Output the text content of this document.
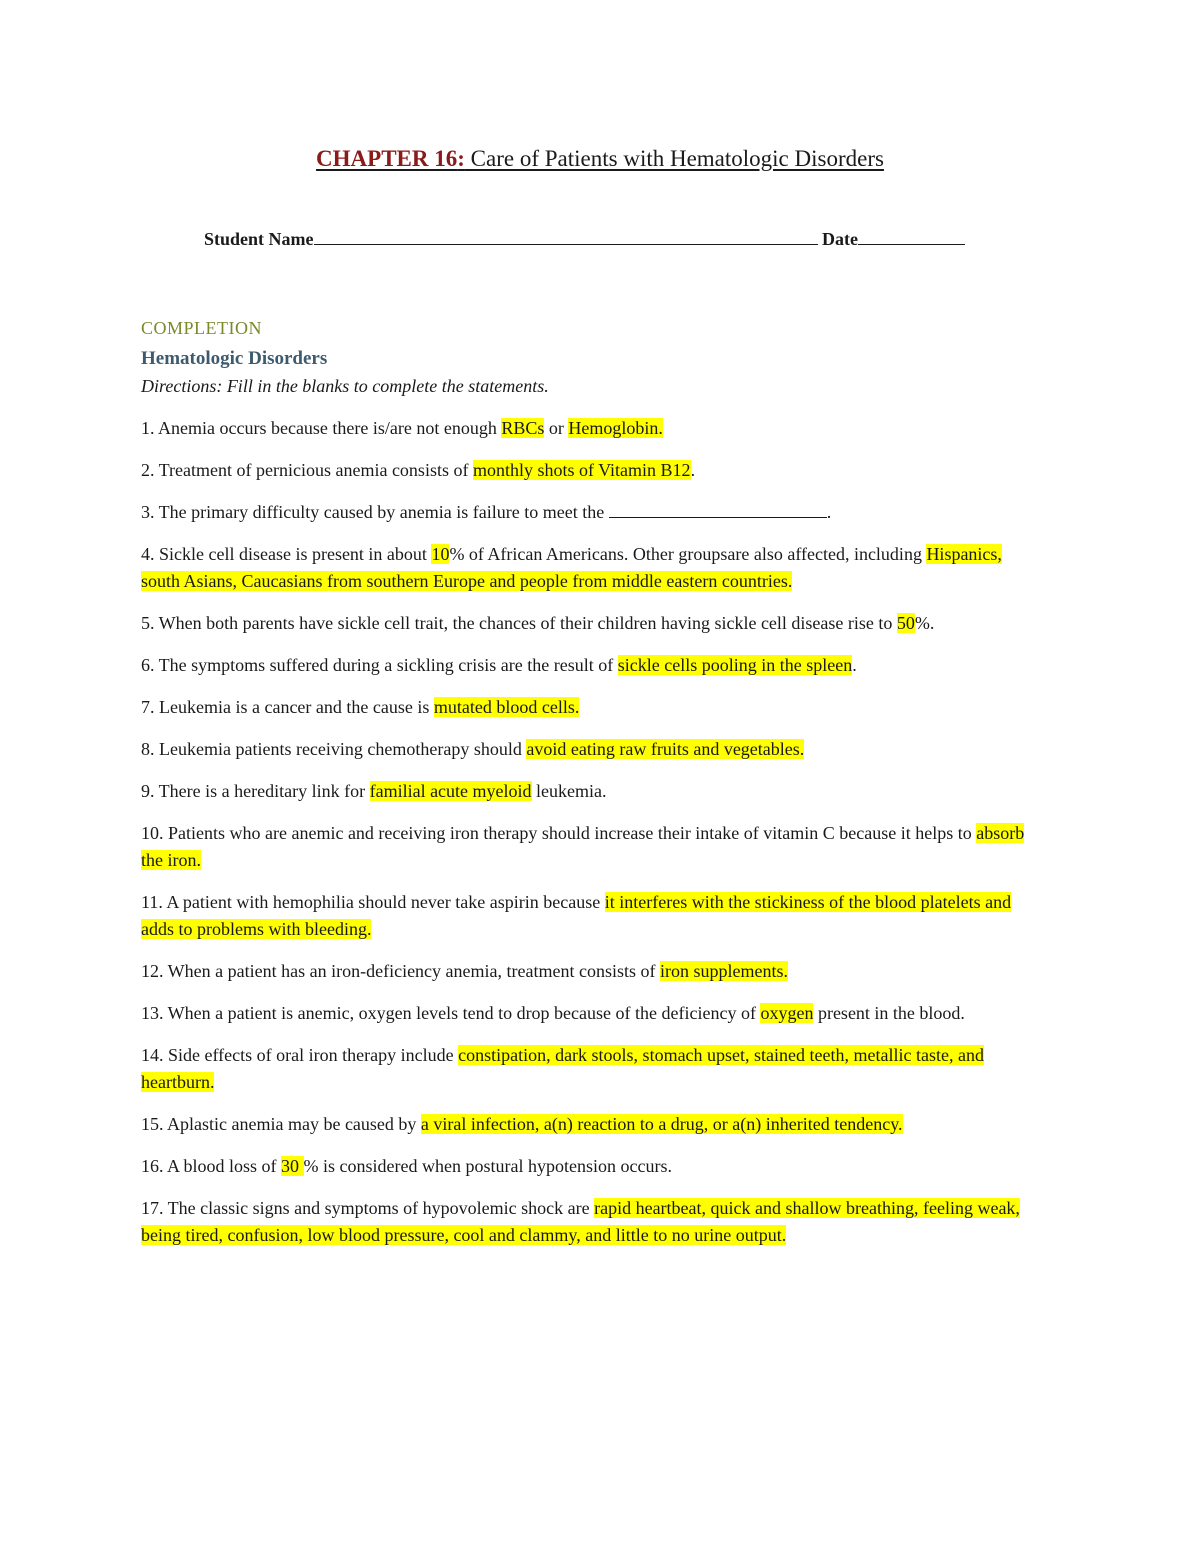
CHAPTER 16: Care of Patients with Hematologic Disorders
Student Name	Date
COMPLETION
Hematologic Disorders
Directions: Fill in the blanks to complete the statements.

1. Anemia occurs because there is/are not enough RBCs or Hemoglobin.

2. Treatment of pernicious anemia consists of monthly shots of Vitamin B12.

3. The primary difficulty caused by anemia is failure to meet the	.

4. Sickle cell disease is present in about 10% of African Americans. Other groupsare also affected, including Hispanics, south Asians, Caucasians from southern Europe and people from middle eastern countries.

5. When both parents have sickle cell trait, the chances of their children having sickle cell disease rise to 50%.

6. The symptoms suffered during a sickling crisis are the result of sickle cells pooling in the spleen.

7. Leukemia is a cancer and the cause is mutated blood cells.

8. Leukemia patients receiving chemotherapy should avoid eating raw fruits and vegetables.

9. There is a hereditary link for familial acute myeloid leukemia.

10. Patients who are anemic and receiving iron therapy should increase their intake of vitamin C because it helps to absorb the iron.

11. A patient with hemophilia should never take aspirin because it interferes with the stickiness of the blood platelets and adds to problems with bleeding.

12. When a patient has an iron-deficiency anemia, treatment consists of iron supplements.

13. When a patient is anemic, oxygen levels tend to drop because of the deficiency of oxygen present in the blood.

14. Side effects of oral iron therapy include constipation, dark stools, stomach upset, stained teeth, metallic taste, and heartburn.

15. Aplastic anemia may be caused by a viral infection, a(n) reaction to a drug, or a(n) inherited tendency.

16. A blood loss of 30 % is considered when postural hypotension occurs.

17. The classic signs and symptoms of hypovolemic shock are rapid heartbeat, quick and shallow breathing, feeling weak, being tired, confusion, low blood pressure, cool and clammy, and little to no urine output.
